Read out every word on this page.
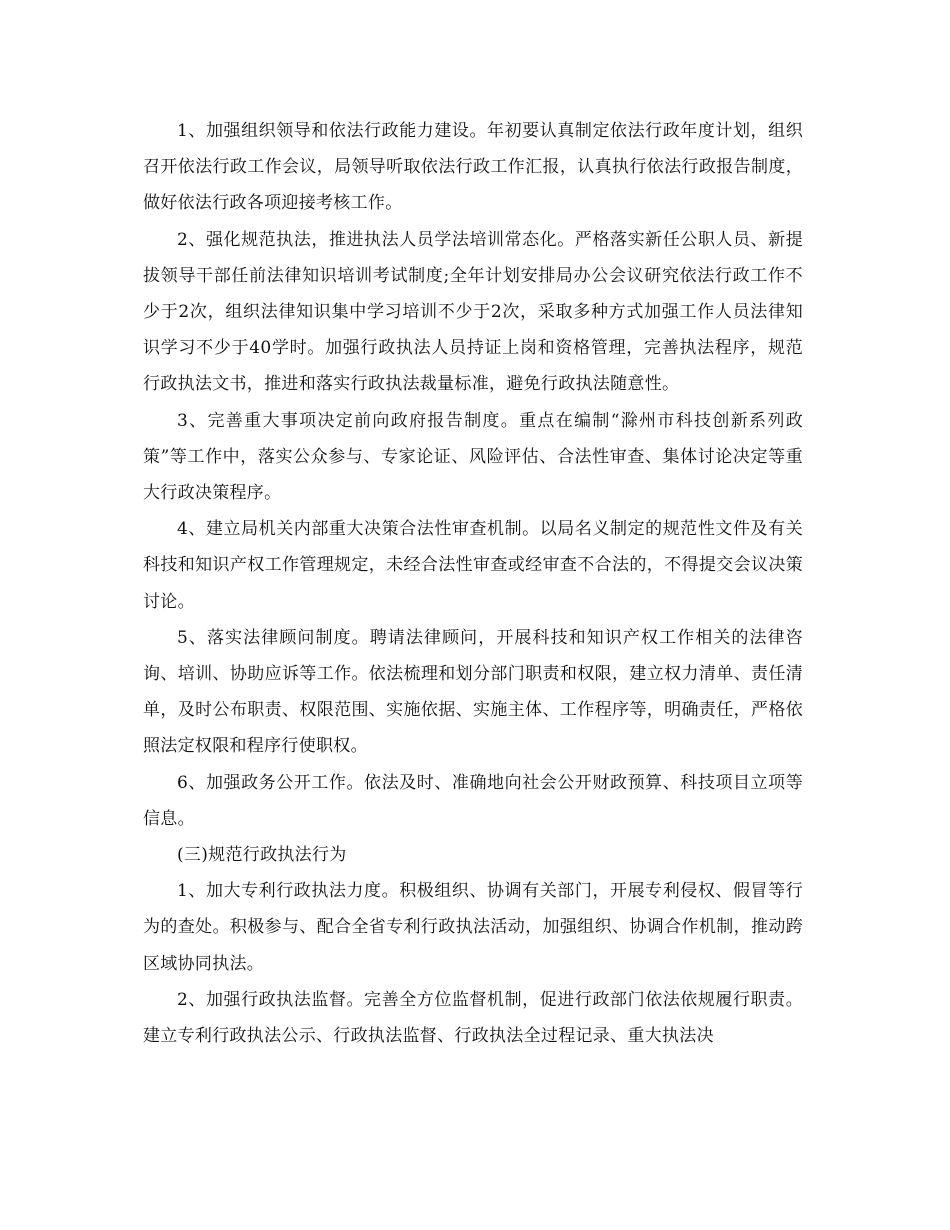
1、加强组织领导和依法行政能力建设。年初要认真制定依法行政年度计划，组织召开依法行政工作会议，局领导听取依法行政工作汇报，认真执行依法行政报告制度，做好依法行政各项迎接考核工作。

2、强化规范执法，推进执法人员学法培训常态化。严格落实新任公职人员、新提拔领导干部任前法律知识培训考试制度;全年计划安排局办公会议研究依法行政工作不少于2次，组织法律知识集中学习培训不少于2次，采取多种方式加强工作人员法律知识学习不少于40学时。加强行政执法人员持证上岗和资格管理，完善执法程序，规范行政执法文书，推进和落实行政执法裁量标准，避免行政执法随意性。

3、完善重大事项决定前向政府报告制度。重点在编制“滁州市科技创新系列政策”等工作中，落实公众参与、专家论证、风险评估、合法性审查、集体讨论决定等重大行政决策程序。

4、建立局机关内部重大决策合法性审查机制。以局名义制定的规范性文件及有关科技和知识产权工作管理规定，未经合法性审查或经审查不合法的，不得提交会议决策讨论。

5、落实法律顾问制度。聘请法律顾问，开展科技和知识产权工作相关的法律咨询、培训、协助应诉等工作。依法梳理和划分部门职责和权限，建立权力清单、责任清单，及时公布职责、权限范围、实施依据、实施主体、工作程序等，明确责任，严格依照法定权限和程序行使职权。

6、加强政务公开工作。依法及时、准确地向社会公开财政预算、科技项目立项等信息。

(三)规范行政执法行为

1、加大专利行政执法力度。积极组织、协调有关部门，开展专利侵权、假冒等行为的查处。积极参与、配合全省专利行政执法活动，加强组织、协调合作机制，推动跨区域协同执法。

2、加强行政执法监督。完善全方位监督机制，促进行政部门依法依规履行职责。建立专利行政执法公示、行政执法监督、行政执法全过程记录、重大执法决
